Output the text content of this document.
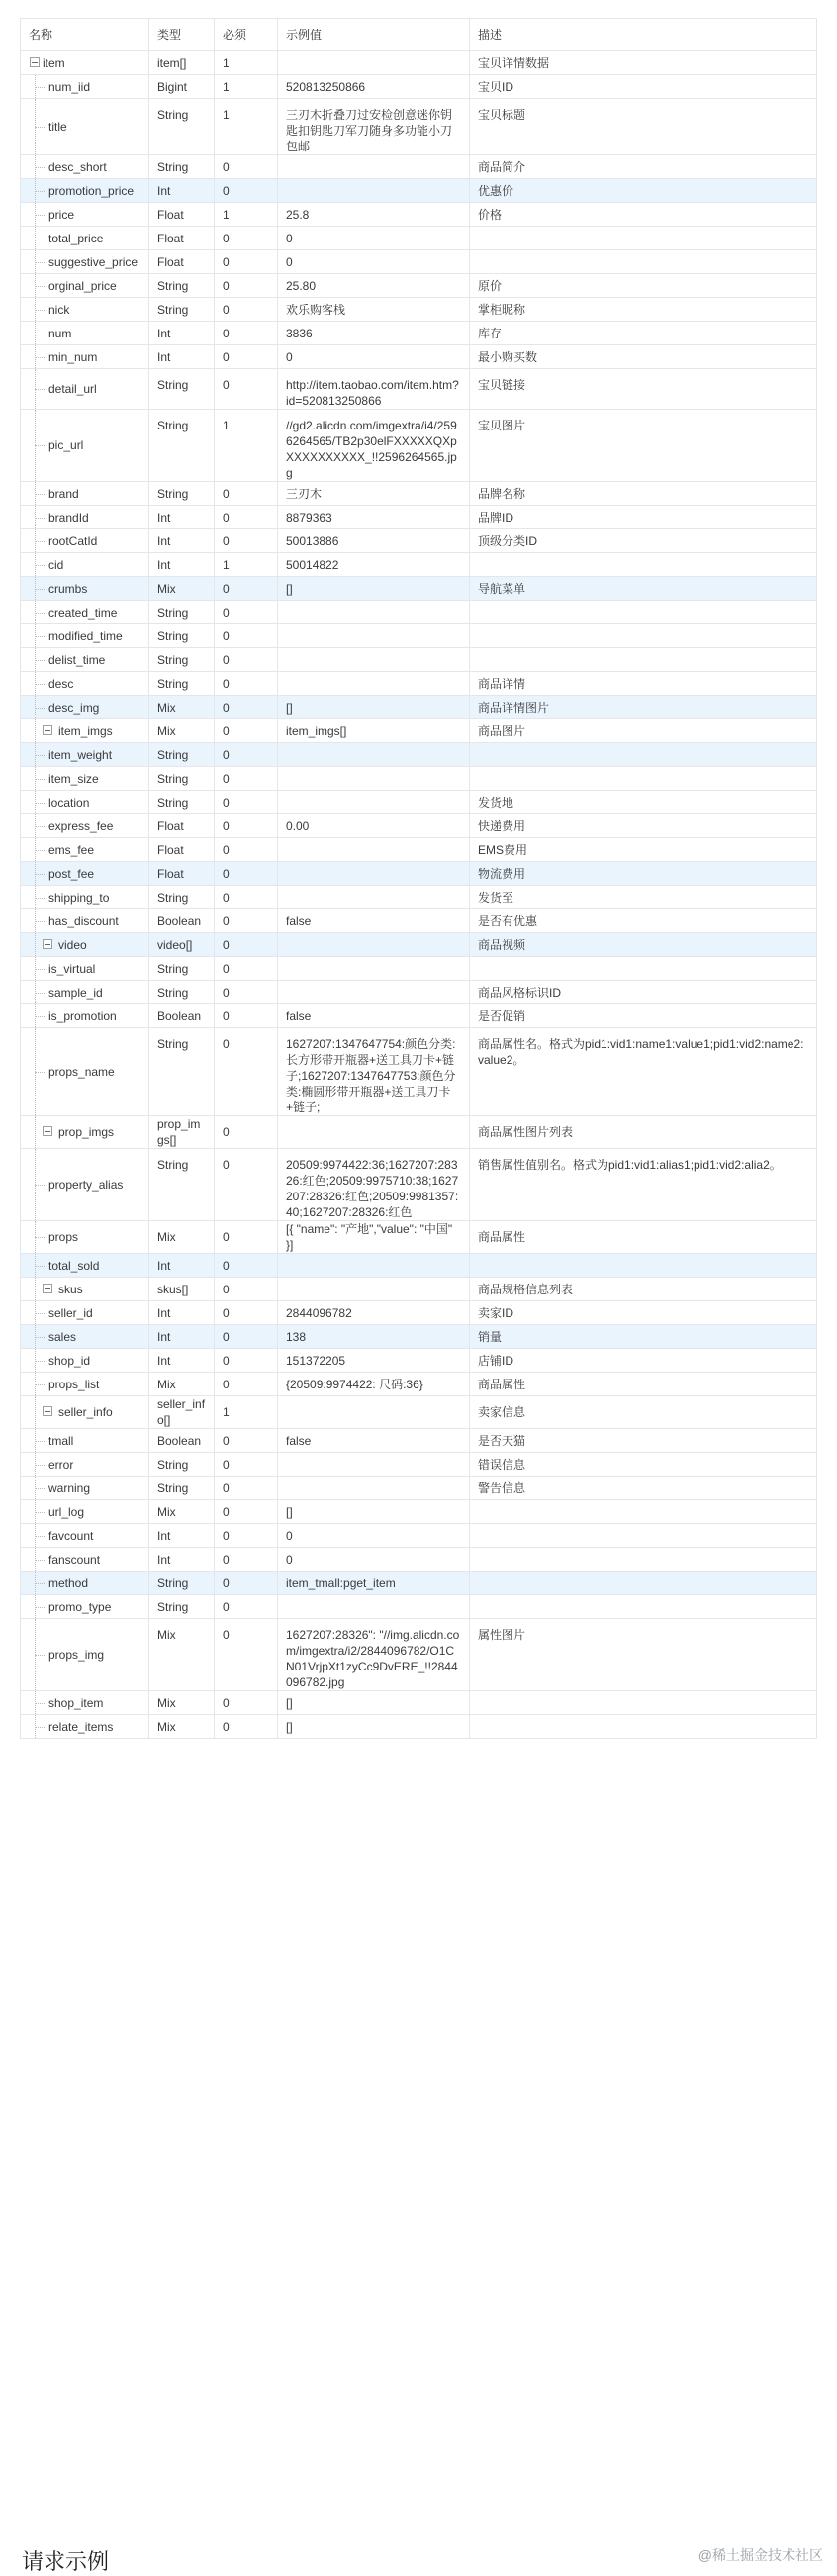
名称	类型	必须	示例值	描述

item	item[]	1		宝贝详情数据

num_iid	Bigint	1	520813250866	宝贝ID

title	String	1	三刃木折叠刀过安检创意迷你钥匙扣钥匙刀军刀随身多功能小刀包邮	宝贝标题

desc_short	String	0		商品简介

promotion_price	Int	0		优惠价

price	Float	1	25.8	价格

total_price	Float	0	0	

suggestive_price	Float	0	0	

orginal_price	String	0	25.80	原价

nick	String	0	欢乐购客栈	掌柜昵称

num	Int	0	3836	库存

min_num	Int	0	0	最小购买数

detail_url	String	0	http://item.taobao.com/item.htm?id=520813250866	宝贝链接

pic_url	String	1	//gd2.alicdn.com/imgextra/i4/2596264565/TB2p30elFXXXXXQXpXXXXXXXXXX_!!2596264565.jpg	宝贝图片

brand	String	0	三刃木	品牌名称

brandId	Int	0	8879363	品牌ID

rootCatId	Int	0	50013886	顶级分类ID

cid	Int	1	50014822	

crumbs	Mix	0	[]	导航菜单

created_time	String	0		

modified_time	String	0		

delist_time	String	0		

desc	String	0		商品详情

desc_img	Mix	0	[]	商品详情图片

item_imgs	Mix	0	item_imgs[]	商品图片

item_weight	String	0		

item_size	String	0		

location	String	0		发货地

express_fee	Float	0	0.00	快递费用

ems_fee	Float	0		EMS费用

post_fee	Float	0		物流费用

shipping_to	String	0		发货至

has_discount	Boolean	0	false	是否有优惠

video	video[]	0		商品视频

is_virtual	String	0		

sample_id	String	0		商品风格标识ID

is_promotion	Boolean	0	false	是否促销

props_name	String	0	1627207:1347647754:颜色分类:长方形带开瓶器+送工具刀卡+链子;1627207:1347647753:颜色分类:椭圆形带开瓶器+送工具刀卡+链子;	商品属性名。格式为pid1:vid1:name1:value1;pid1:vid2:name2:value2。

prop_imgs	prop_imgs[]	0		商品属性图片列表

property_alias	String	0	20509:9974422:36;1627207:28326:红色;20509:9975710:38;1627207:28326:红色;20509:9981357:40;1627207:28326:红色	销售属性值别名。格式为pid1:vid1:alias1;pid1:vid2:alia2。

props	Mix	0	[{ "name": "产地","value": "中国" }]	商品属性

total_sold	Int	0		

skus	skus[]	0		商品规格信息列表

seller_id	Int	0	2844096782	卖家ID

sales	Int	0	138	销量

shop_id	Int	0	151372205	店铺ID

props_list	Mix	0	{20509:9974422: 尺码:36}	商品属性

seller_info	seller_info[]	1		卖家信息

tmall	Boolean	0	false	是否天猫

error	String	0		错误信息

warning	String	0		警告信息

url_log	Mix	0	[]	

favcount	Int	0	0	

fanscount	Int	0	0	

method	String	0	item_tmall:pget_item	

promo_type	String	0		

props_img	Mix	0	1627207:28326": "//img.alicdn.com/imgextra/i2/2844096782/O1CN01VrjpXt1zyCc9DvERE_!!2844096782.jpg	属性图片

shop_item	Mix	0	[]	

relate_items	Mix	0	[]	
请求示例	@稀土掘金技术社区
